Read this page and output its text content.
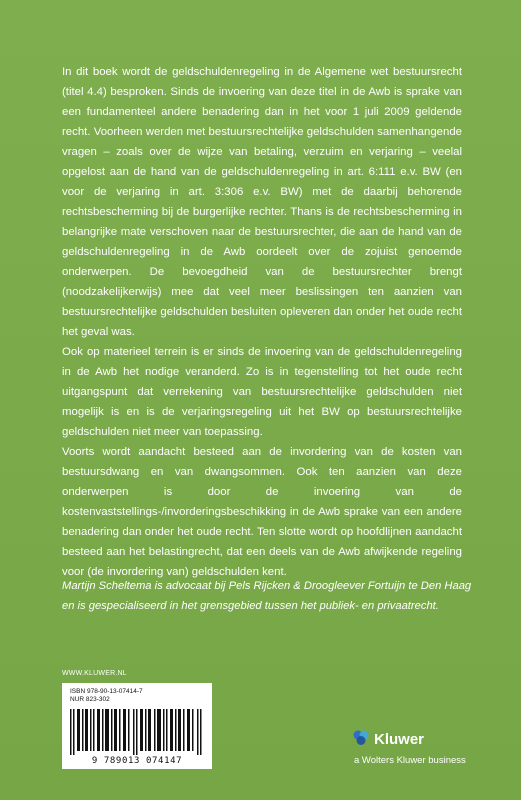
In dit boek wordt de geldschuldenregeling in de Algemene wet bestuursrecht (titel 4.4) besproken. Sinds de invoering van deze titel in de Awb is sprake van een fundamenteel andere benadering dan in het voor 1 juli 2009 geldende recht. Voorheen werden met bestuursrechtelijke geldschulden samenhangende vragen – zoals over de wijze van betaling, verzuim en verjaring – veelal opgelost aan de hand van de geldschuldenregeling in art. 6:111 e.v. BW (en voor de verjaring in art. 3:306 e.v. BW) met de daarbij behorende rechtsbescherming bij de burgerlijke rechter. Thans is de rechtsbescherming in belangrijke mate verschoven naar de bestuursrechter, die aan de hand van de geldschuldenregeling in de Awb oordeelt over de zojuist genoemde onderwerpen. De bevoegdheid van de bestuursrechter brengt (noodzakelijkerwijs) mee dat veel meer beslissingen ten aanzien van bestuursrechtelijke geldschulden besluiten opleveren dan onder het oude recht het geval was.

Ook op materieel terrein is er sinds de invoering van de geldschuldenregeling in de Awb het nodige veranderd. Zo is in tegenstelling tot het oude recht uitgangspunt dat verrekening van bestuursrechtelijke geldschulden niet mogelijk is en is de verjaringsregeling uit het BW op bestuursrechtelijke geldschulden niet meer van toepassing.

Voorts wordt aandacht besteed aan de invordering van de kosten van bestuursdwang en van dwangsommen. Ook ten aanzien van deze onderwerpen is door de invoering van de kostenvaststellings-/invorderingsbeschikking in de Awb sprake van een andere benadering dan onder het oude recht. Ten slotte wordt op hoofdlijnen aandacht besteed aan het belastingrecht, dat een deels van de Awb afwijkende regeling voor (de invordering van) geldschulden kent.

Martijn Scheltema is advocaat bij Pels Rijcken & Droogleever Fortuijn te Den Haag

en is gespecialiseerd in het grensgebied tussen het publiek- en privaatrecht.

WWW.KLUWER.NL
ISBN 978-90-13-07414-7
NUR 823-302
9 789013 074147
Kluwer
a Wolters Kluwer business
